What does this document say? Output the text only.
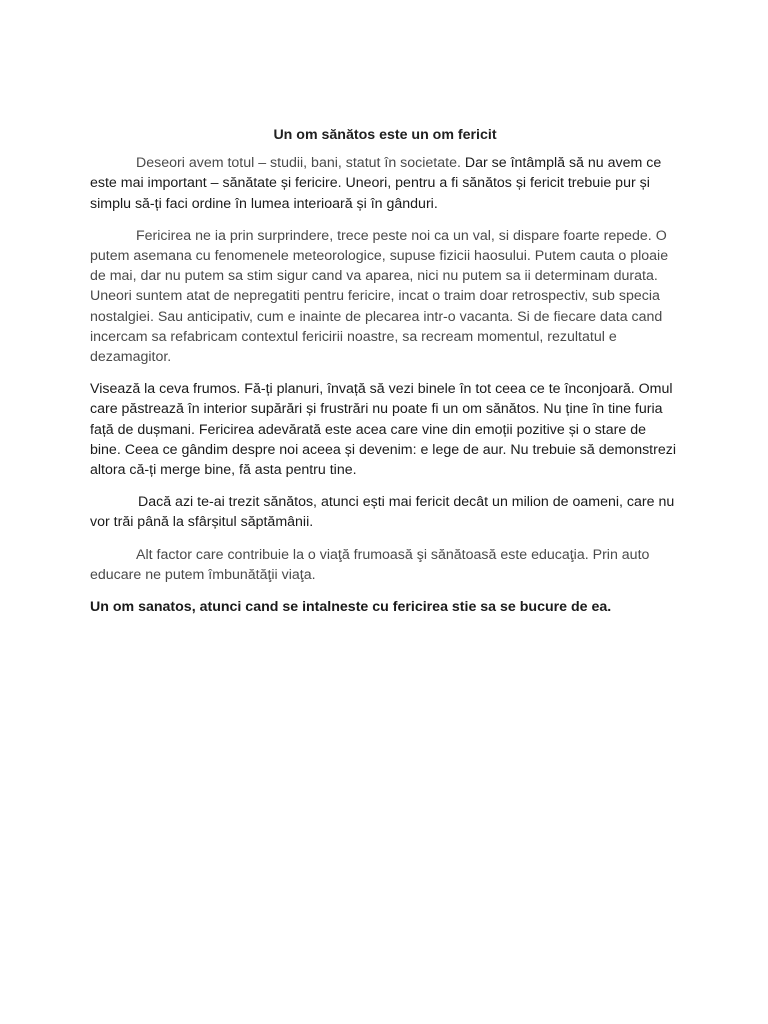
Un om sănătos este un om fericit

Deseori avem totul – studii, bani, statut în societate. Dar se întâmplă să nu avem ce este mai important – sănătate și fericire. Uneori, pentru a fi sănătos și fericit trebuie pur și simplu să-ți faci ordine în lumea interioară și în gânduri.

Fericirea ne ia prin surprindere, trece peste noi ca un val, si dispare foarte repede. O putem asemana cu fenomenele meteorologice, supuse fizicii haosului. Putem cauta o ploaie de mai, dar nu putem sa stim sigur cand va aparea, nici nu putem sa ii determinam durata. Uneori suntem atat de nepregatiti pentru fericire, incat o traim doar retrospectiv, sub specia nostalgiei. Sau anticipativ, cum e inainte de plecarea intr-o vacanta. Si de fiecare data cand incercam sa refabricam contextul fericirii noastre, sa recream momentul, rezultatul e dezamagitor.

Visează la ceva frumos. Fă-ți planuri, învață să vezi binele în tot ceea ce te înconjoară. Omul care păstrează în interior supărări și frustrări nu poate fi un om sănătos. Nu ține în tine furia față de dușmani. Fericirea adevărată este acea care vine din emoții pozitive și o stare de bine. Ceea ce gândim despre noi aceea și devenim: e lege de aur. Nu trebuie să demonstrezi altora că-ți merge bine, fă asta pentru tine.

Dacă azi te-ai trezit sănătos, atunci ești mai fericit decât un milion de oameni, care nu vor trăi până la sfârșitul săptămânii.

Alt factor care contribuie la o viaţă frumoasă şi sănătoasă este educaţia. Prin auto educare ne putem îmbunătăţii viaţa.

Un om sanatos, atunci cand se intalneste cu fericirea stie sa se bucure de ea.
